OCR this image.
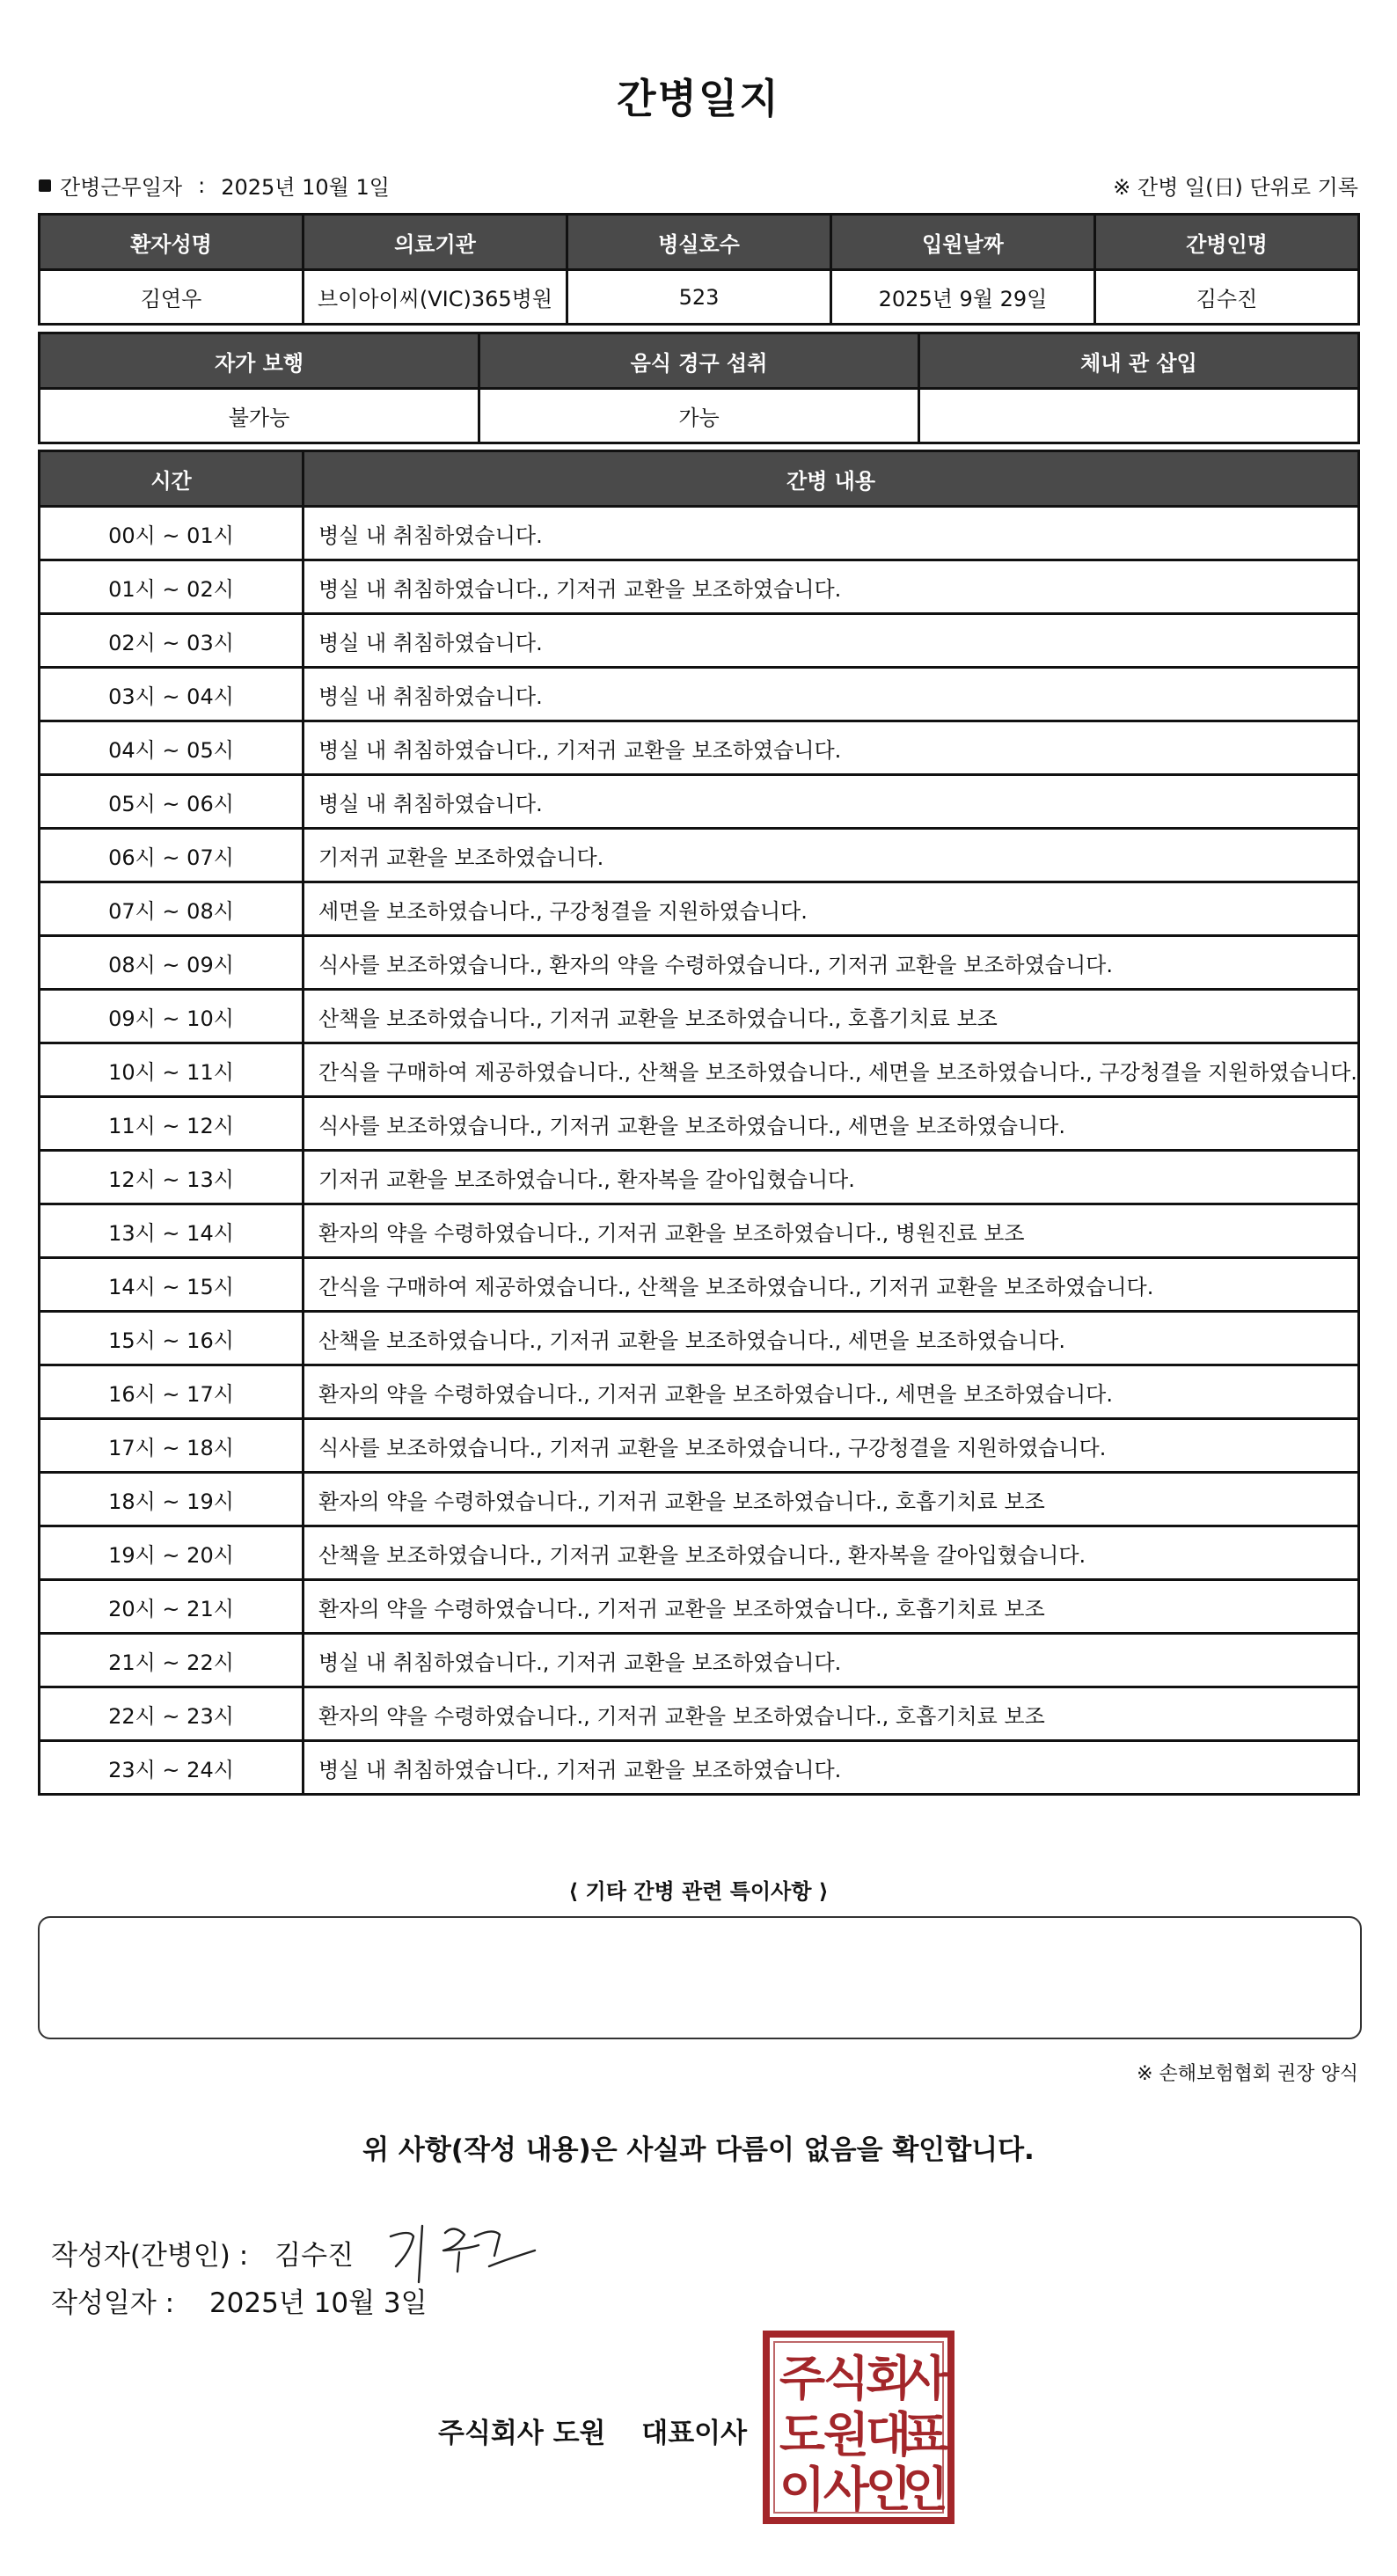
간병일지
간병근무일자 : 2025년 10월 1일	※ 간병 일(日) 단위로 기록
환자성명	의료기관	병실호수	입원날짜	간병인명
김연우	브이아이씨(VIC)365병원	523	2025년 9월 29일	김수진
자가 보행	음식 경구 섭취	체내 관 삽입
불가능	가능	
시간	간병 내용
00시 ~ 01시	병실 내 취침하였습니다.
01시 ~ 02시	병실 내 취침하였습니다., 기저귀 교환을 보조하였습니다.
02시 ~ 03시	병실 내 취침하였습니다.
03시 ~ 04시	병실 내 취침하였습니다.
04시 ~ 05시	병실 내 취침하였습니다., 기저귀 교환을 보조하였습니다.
05시 ~ 06시	병실 내 취침하였습니다.
06시 ~ 07시	기저귀 교환을 보조하였습니다.
07시 ~ 08시	세면을 보조하였습니다., 구강청결을 지원하였습니다.
08시 ~ 09시	식사를 보조하였습니다., 환자의 약을 수령하였습니다., 기저귀 교환을 보조하였습니다.
09시 ~ 10시	산책을 보조하였습니다., 기저귀 교환을 보조하였습니다., 호흡기치료 보조
10시 ~ 11시	간식을 구매하여 제공하였습니다., 산책을 보조하였습니다., 세면을 보조하였습니다., 구강청결을 지원하였습니다.
11시 ~ 12시	식사를 보조하였습니다., 기저귀 교환을 보조하였습니다., 세면을 보조하였습니다.
12시 ~ 13시	기저귀 교환을 보조하였습니다., 환자복을 갈아입혔습니다.
13시 ~ 14시	환자의 약을 수령하였습니다., 기저귀 교환을 보조하였습니다., 병원진료 보조
14시 ~ 15시	간식을 구매하여 제공하였습니다., 산책을 보조하였습니다., 기저귀 교환을 보조하였습니다.
15시 ~ 16시	산책을 보조하였습니다., 기저귀 교환을 보조하였습니다., 세면을 보조하였습니다.
16시 ~ 17시	환자의 약을 수령하였습니다., 기저귀 교환을 보조하였습니다., 세면을 보조하였습니다.
17시 ~ 18시	식사를 보조하였습니다., 기저귀 교환을 보조하였습니다., 구강청결을 지원하였습니다.
18시 ~ 19시	환자의 약을 수령하였습니다., 기저귀 교환을 보조하였습니다., 호흡기치료 보조
19시 ~ 20시	산책을 보조하였습니다., 기저귀 교환을 보조하였습니다., 환자복을 갈아입혔습니다.
20시 ~ 21시	환자의 약을 수령하였습니다., 기저귀 교환을 보조하였습니다., 호흡기치료 보조
21시 ~ 22시	병실 내 취침하였습니다., 기저귀 교환을 보조하였습니다.
22시 ~ 23시	환자의 약을 수령하였습니다., 기저귀 교환을 보조하였습니다., 호흡기치료 보조
23시 ~ 24시	병실 내 취침하였습니다., 기저귀 교환을 보조하였습니다.
⟨ 기타 간병 관련 특이사항 ⟩
※ 손해보험협회 권장 양식
위 사항(작성 내용)은 사실과 다름이 없음을 확인합니다.
작성자(간병인) : 김수진
작성일자 : 2025년 10월 3일
주식회사 도원 대표이사
주
식
회
사
도
원
대
표
이
사
인
인
